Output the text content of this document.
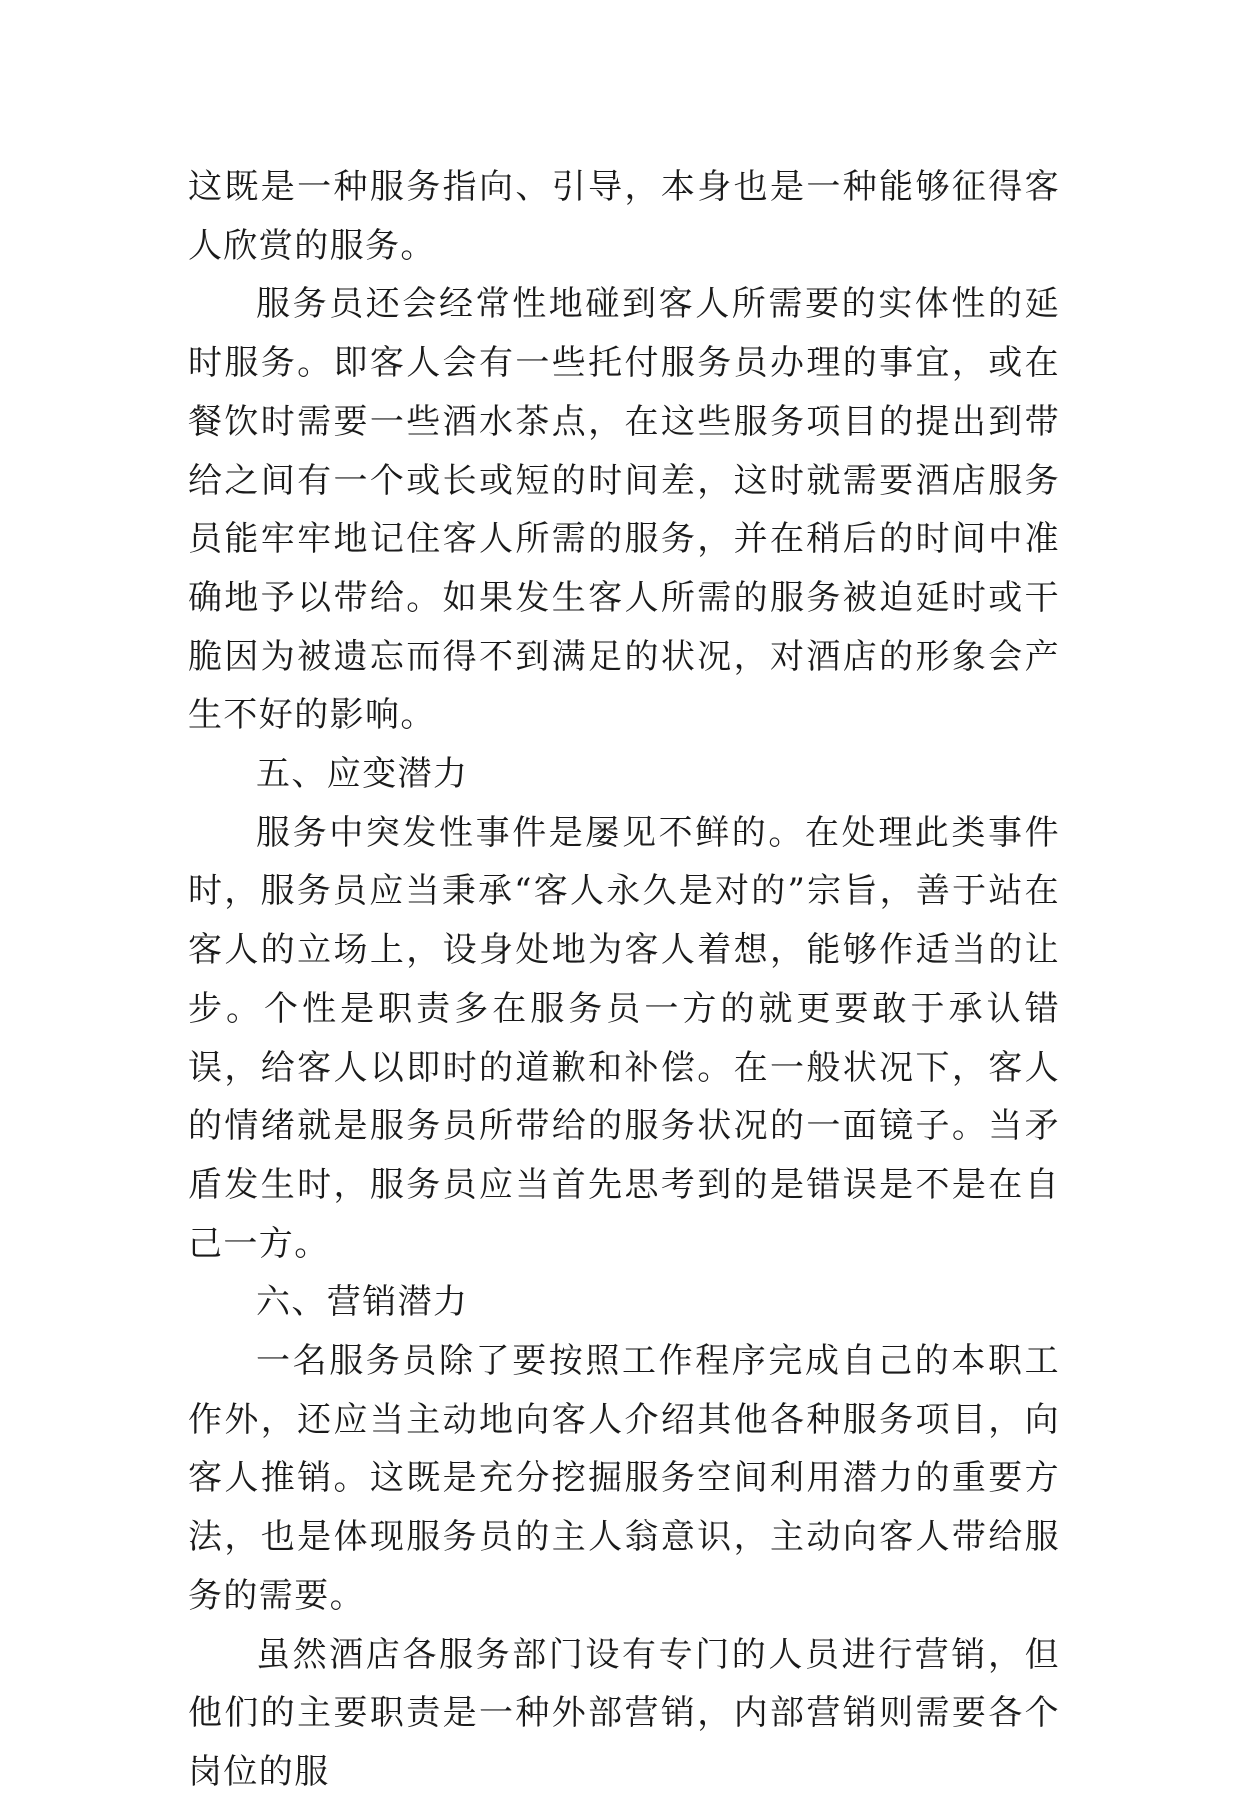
这既是一种服务指向、引导，本身也是一种能够征得客人欣赏的服务。

服务员还会经常性地碰到客人所需要的实体性的延时服务。即客人会有一些托付服务员办理的事宜，或在餐饮时需要一些酒水茶点，在这些服务项目的提出到带给之间有一个或长或短的时间差，这时就需要酒店服务员能牢牢地记住客人所需的服务，并在稍后的时间中准确地予以带给。如果发生客人所需的服务被迫延时或干脆因为被遗忘而得不到满足的状况，对酒店的形象会产生不好的影响。

五、应变潜力

服务中突发性事件是屡见不鲜的。在处理此类事件时，服务员应当秉承“客人永久是对的”宗旨，善于站在客人的立场上，设身处地为客人着想，能够作适当的让步。个性是职责多在服务员一方的就更要敢于承认错误，给客人以即时的道歉和补偿。在一般状况下，客人的情绪就是服务员所带给的服务状况的一面镜子。当矛盾发生时，服务员应当首先思考到的是错误是不是在自己一方。

六、营销潜力

一名服务员除了要按照工作程序完成自己的本职工作外，还应当主动地向客人介绍其他各种服务项目，向客人推销。这既是充分挖掘服务空间利用潜力的重要方法，也是体现服务员的主人翁意识，主动向客人带给服务的需要。

虽然酒店各服务部门设有专门的人员进行营销，但他们的主要职责是一种外部营销，内部营销则需要各个岗位的服
